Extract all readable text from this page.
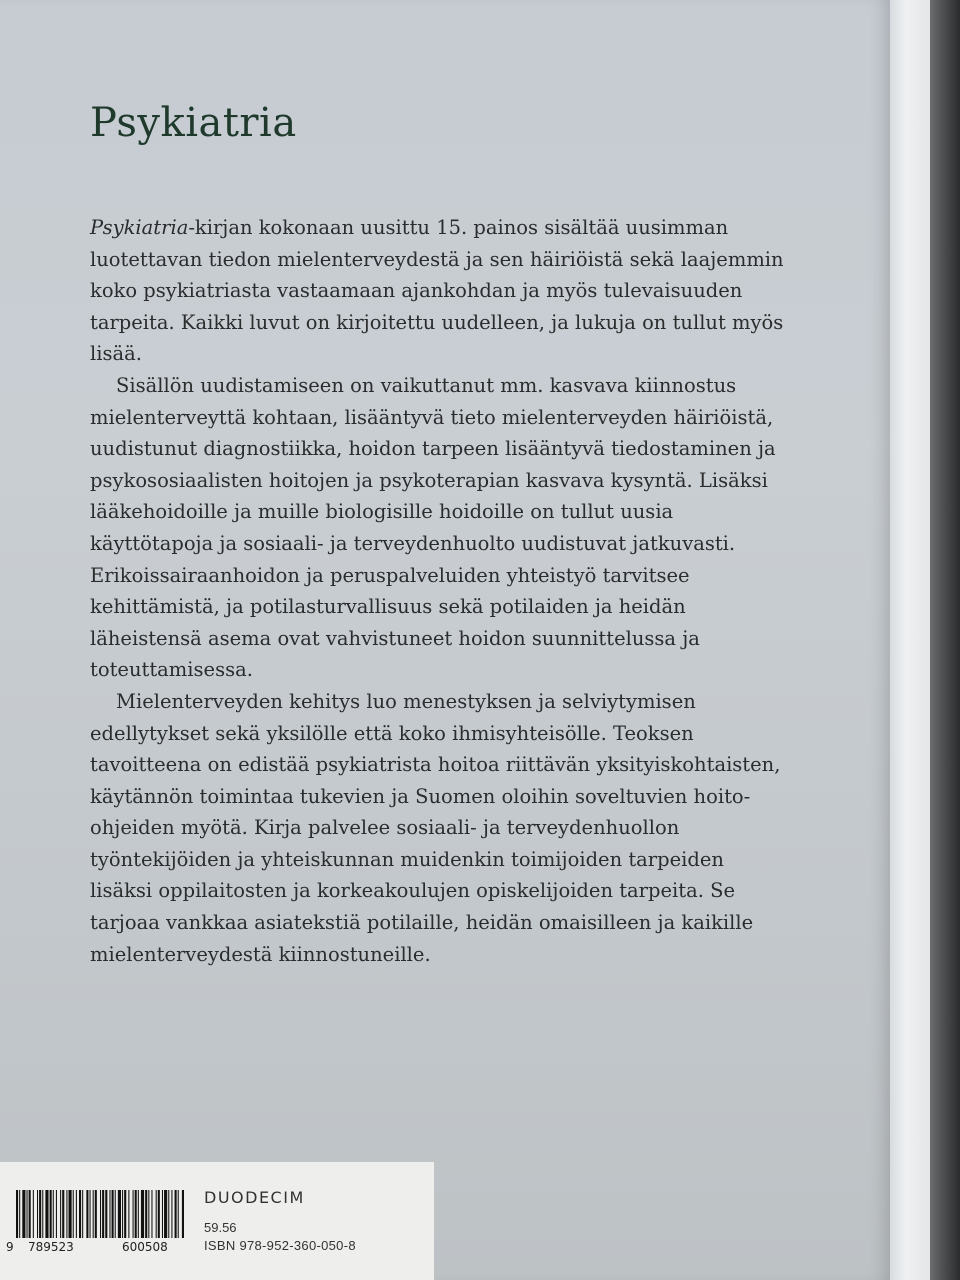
Psykiatria

Psykiatria-kirjan kokonaan uusittu 15. painos sisältää uusimman luotettavan tiedon mielenterveydestä ja sen häiriöistä sekä laajemmin koko psykiatriasta vastaamaan ajankohdan ja myös tulevaisuuden tarpeita. Kaikki luvut on kirjoitettu uudelleen, ja lukuja on tullut myös lisää.

Sisällön uudistamiseen on vaikuttanut mm. kasvava kiinnostus mielenterveyttä kohtaan, lisääntyvä tieto mielenterveyden häiriöistä, uudistunut diagnostiikka, hoidon tarpeen lisääntyvä tiedostaminen ja psykososiaalisten hoitojen ja psykoterapian kasvava kysyntä. Lisäksi lääkehoidoille ja muille biologisille hoidoille on tullut uusia käyttötapoja ja sosiaali- ja terveydenhuolto uudistuvat jatkuvasti. Erikoissairaanhoidon ja peruspalveluiden yhteistyö tarvitsee kehittämistä, ja potilasturvallisuus sekä potilaiden ja heidän läheistensä asema ovat vahvistuneet hoidon suunnittelussa ja toteuttamisessa.

Mielenterveyden kehitys luo menestyksen ja selviytymisen edellytykset sekä yksilölle että koko ihmisyhteisölle. Teoksen tavoitteena on edistää psykiatrista hoitoa riittävän yksityiskohtaisten, käytännön toimintaa tukevien ja Suomen oloihin soveltuvien hoito-ohjeiden myötä. Kirja palvelee sosiaali- ja terveydenhuollon työntekijöiden ja yhteiskunnan muidenkin toimijoiden tarpeiden lisäksi oppilaitosten ja korkeakoulujen opiskelijoiden tarpeita. Se tarjoaa vankkaa asiatekstiä potilaille, heidän omaisilleen ja kaikille mielenterveydestä kiinnostuneille.

9 789523	600508
DUODECIM
59.56
ISBN 978-952-360-050-8
